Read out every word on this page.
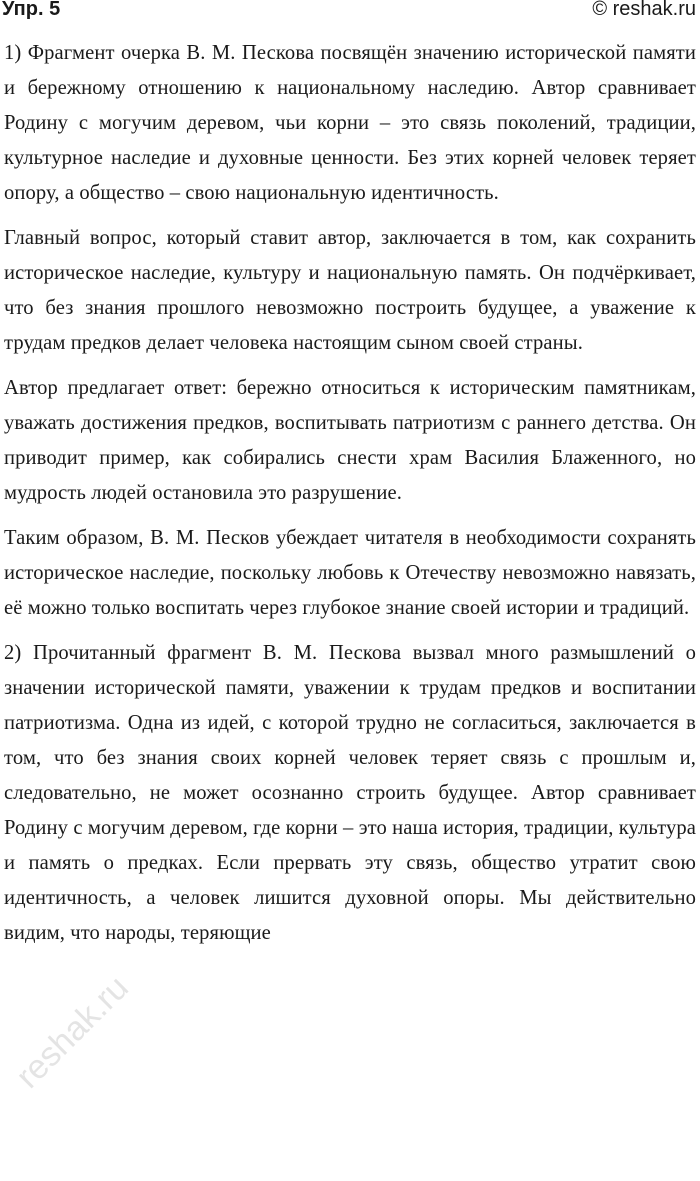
Упр. 5	© reshak.ru

1) Фрагмент очерка В. М. Пескова посвящён значению исторической памяти и бережному отношению к национальному наследию. Автор сравнивает Родину с могучим деревом, чьи корни – это связь поколений, традиции, культурное наследие и духовные ценности. Без этих корней человек теряет опору, а общество – свою национальную идентичность.

Главный вопрос, который ставит автор, заключается в том, как сохранить историческое наследие, культуру и национальную память. Он подчёркивает, что без знания прошлого невозможно построить будущее, а уважение к трудам предков делает человека настоящим сыном своей страны.

Автор предлагает ответ: бережно относиться к историческим памятникам, уважать достижения предков, воспитывать патриотизм с раннего детства. Он приводит пример, как собирались снести храм Василия Блаженного, но мудрость людей остановила это разрушение.

Таким образом, В. М. Песков убеждает читателя в необходимости сохранять историческое наследие, поскольку любовь к Отечеству невозможно навязать, её можно только воспитать через глубокое знание своей истории и традиций.

2) Прочитанный фрагмент В. М. Пескова вызвал много размышлений о значении исторической памяти, уважении к трудам предков и воспитании патриотизма. Одна из идей, с которой трудно не согласиться, заключается в том, что без знания своих корней человек теряет связь с прошлым и, следовательно, не может осознанно строить будущее. Автор сравнивает Родину с могучим деревом, где корни – это наша история, традиции, культура и память о предках. Если прервать эту связь, общество утратит свою идентичность, а человек лишится духовной опоры. Мы действительно видим, что народы, теряющие

reshak.ru
